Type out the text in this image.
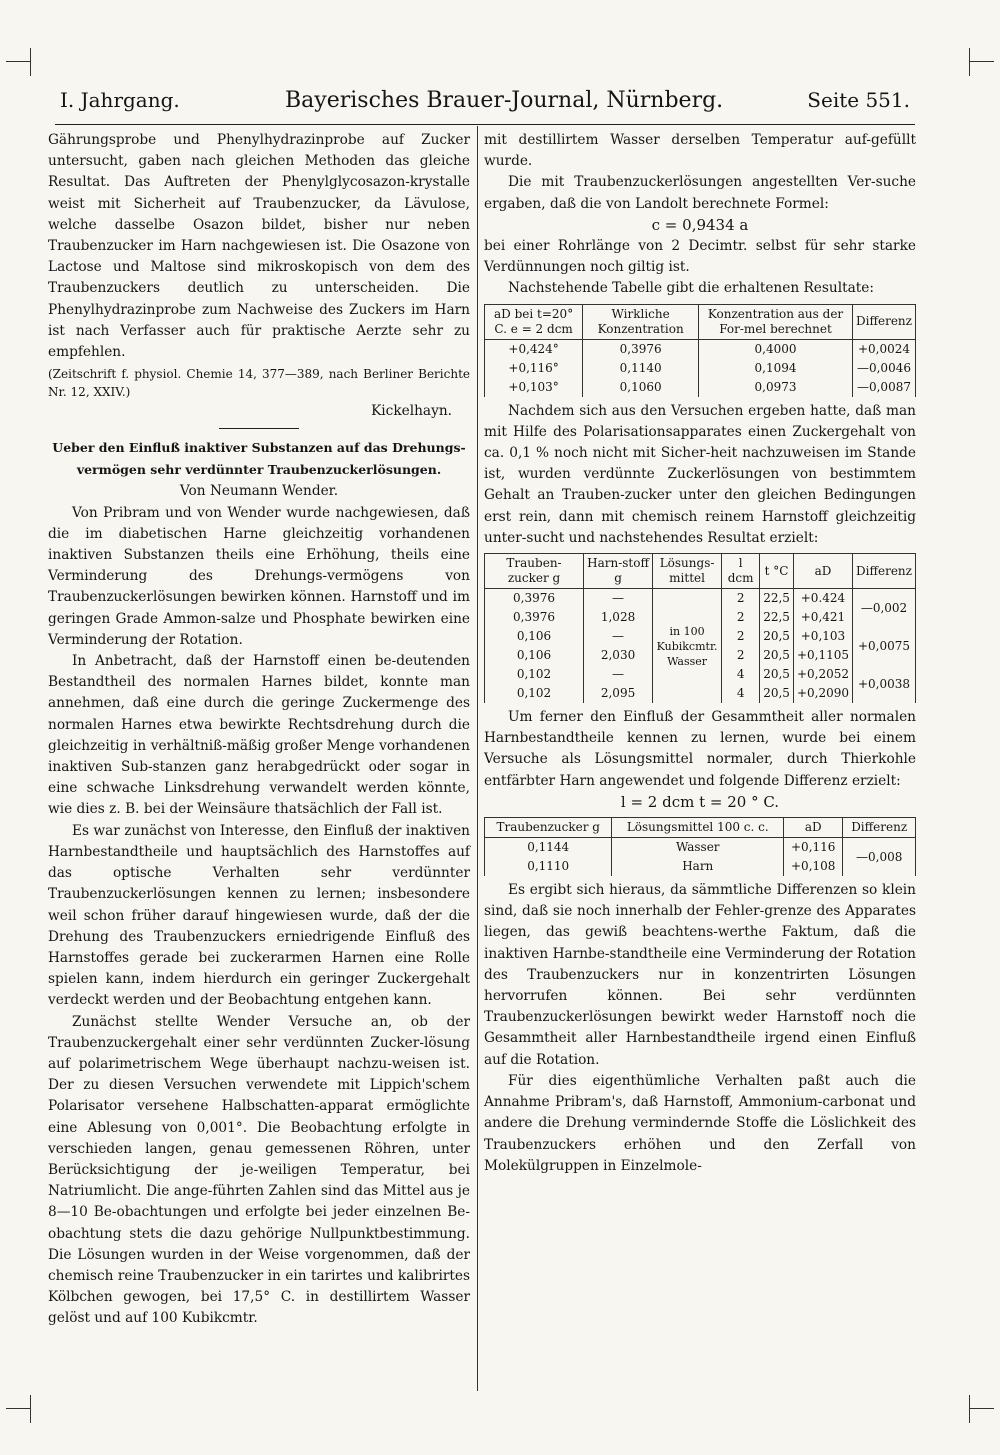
I. Jahrgang.	Bayerisches Brauer-Journal, Nürnberg.	Seite 551.

Gährungsprobe und Phenylhydrazinprobe auf Zucker untersucht, gaben nach gleichen Methoden das gleiche Resultat. Das Auftreten der Phenylglycosazon-krystalle weist mit Sicherheit auf Traubenzucker, da Lävulose, welche dasselbe Osazon bildet, bisher nur neben Traubenzucker im Harn nachgewiesen ist. Die Osazone von Lactose und Maltose sind mikroskopisch von dem des Traubenzuckers deutlich zu unterscheiden. Die Phenylhydrazinprobe zum Nachweise des Zuckers im Harn ist nach Verfasser auch für praktische Aerzte sehr zu empfehlen.

(Zeitschrift f. physiol. Chemie 14, 377—389, nach Berliner Berichte Nr. 12, XXIV.)

Kickelhayn.

Ueber den Einfluß inaktiver Substanzen auf das Drehungs-vermögen sehr verdünnter Traubenzuckerlösungen.

Von Neumann Wender.

Von Pribram und von Wender wurde nachgewiesen, daß die im diabetischen Harne gleichzeitig vorhandenen inaktiven Substanzen theils eine Erhöhung, theils eine Verminderung des Drehungs-vermögens von Traubenzuckerlösungen bewirken können. Harnstoff und im geringen Grade Ammon-salze und Phosphate bewirken eine Verminderung der Rotation.

In Anbetracht, daß der Harnstoff einen be-deutenden Bestandtheil des normalen Harnes bildet, konnte man annehmen, daß eine durch die geringe Zuckermenge des normalen Harnes etwa bewirkte Rechtsdrehung durch die gleichzeitig in verhältniß-mäßig großer Menge vorhandenen inaktiven Sub-stanzen ganz herabgedrückt oder sogar in eine schwache Linksdrehung verwandelt werden könnte, wie dies z. B. bei der Weinsäure thatsächlich der Fall ist.

Es war zunächst von Interesse, den Einfluß der inaktiven Harnbestandtheile und hauptsächlich des Harnstoffes auf das optische Verhalten sehr verdünnter Traubenzuckerlösungen kennen zu lernen; insbesondere weil schon früher darauf hingewiesen wurde, daß der die Drehung des Traubenzuckers erniedrigende Einfluß des Harnstoffes gerade bei zuckerarmen Harnen eine Rolle spielen kann, indem hierdurch ein geringer Zuckergehalt verdeckt werden und der Beobachtung entgehen kann.

Zunächst stellte Wender Versuche an, ob der Traubenzuckergehalt einer sehr verdünnten Zucker-lösung auf polarimetrischem Wege überhaupt nachzu-weisen ist. Der zu diesen Versuchen verwendete mit Lippich'schem Polarisator versehene Halbschatten-apparat ermöglichte eine Ablesung von 0,001°. Die Beobachtung erfolgte in verschieden langen, genau gemessenen Röhren, unter Berücksichtigung der je-weiligen Temperatur, bei Natriumlicht. Die ange-führten Zahlen sind das Mittel aus je 8—10 Be-obachtungen und erfolgte bei jeder einzelnen Be-obachtung stets die dazu gehörige Nullpunktbestimmung. Die Lösungen wurden in der Weise vorgenommen, daß der chemisch reine Traubenzucker in ein tarirtes und kalibrirtes Kölbchen gewogen, bei 17,5° C. in destillirtem Wasser gelöst und auf 100 Kubikcmtr.

mit destillirtem Wasser derselben Temperatur auf-gefüllt wurde.

Die mit Traubenzuckerlösungen angestellten Ver-suche ergaben, daß die von Landolt berechnete Formel:

c = 0,9434 a

bei einer Rohrlänge von 2 Decimtr. selbst für sehr starke Verdünnungen noch giltig ist.

Nachstehende Tabelle gibt die erhaltenen Resultate:

aD bei t=20° C. e = 2 dcm	Wirkliche Konzentration	Konzentration aus der For-mel berechnet	Differenz
+0,424°	0,3976	0,4000	+0,0024
+0,116°	0,1140	0,1094	—0,0046
+0,103°	0,1060	0,0973	—0,0087

Nachdem sich aus den Versuchen ergeben hatte, daß man mit Hilfe des Polarisationsapparates einen Zuckergehalt von ca. 0,1 % noch nicht mit Sicher-heit nachzuweisen im Stande ist, wurden verdünnte Zuckerlösungen von bestimmtem Gehalt an Trauben-zucker unter den gleichen Bedingungen erst rein, dann mit chemisch reinem Harnstoff gleichzeitig unter-sucht und nachstehendes Resultat erzielt:

Trauben-zucker g	Harn-stoff g	Lösungs-mittel	l dcm	t °C	aD	Differenz
0,3976	—	in 100 Kubikcmtr. Wasser	2	22,5	+0.424	—0,002
0,3976	1,028		2	22,5	+0,421	
0,106	—		2	20,5	+0,103	+0,0075
0,106	2,030		2	20,5	+0,1105	
0,102	—		4	20,5	+0,2052	+0,0038
0,102	2,095		4	20,5	+0,2090	

Um ferner den Einfluß der Gesammtheit aller normalen Harnbestandtheile kennen zu lernen, wurde bei einem Versuche als Lösungsmittel normaler, durch Thierkohle entfärbter Harn angewendet und folgende Differenz erzielt:

l = 2 dcm t = 20 ° C.

Traubenzucker g	Lösungsmittel 100 c. c.	aD	Differenz
0,1144	Wasser	+0,116	—0,008
0,1110	Harn	+0,108	

Es ergibt sich hieraus, da sämmtliche Differenzen so klein sind, daß sie noch innerhalb der Fehler-grenze des Apparates liegen, das gewiß beachtens-werthe Faktum, daß die inaktiven Harnbe-standtheile eine Verminderung der Rotation des Traubenzuckers nur in konzentrirten Lösungen hervorrufen können. Bei sehr verdünnten Traubenzuckerlösungen bewirkt weder Harnstoff noch die Gesammtheit aller Harnbestandtheile irgend einen Einfluß auf die Rotation.

Für dies eigenthümliche Verhalten paßt auch die Annahme Pribram's, daß Harnstoff, Ammonium-carbonat und andere die Drehung vermindernde Stoffe die Löslichkeit des Traubenzuckers erhöhen und den Zerfall von Molekülgruppen in Einzelmole-
